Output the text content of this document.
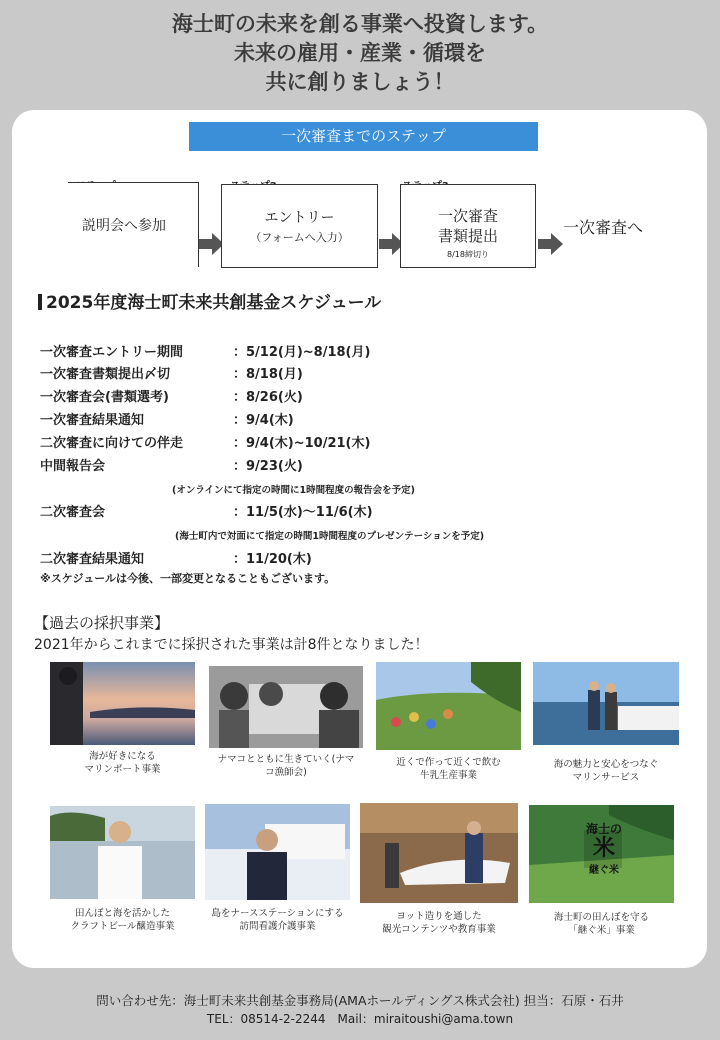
海士町の未来を創る事業へ投資します。
未来の雇用・産業・循環を
共に創りましょう！
一次審査までのステップ
説明会へ参加	エントリー
（フォームへ入力）
一次審査
書類提出
8/18締切り
一次審査へ
2025年度海士町未来共創基金スケジュール
一次審査エントリー期間	：5/12(月)~8/18(月)
一次審査書類提出〆切	：8/18(月)
一次審査会(書類選考)	：8/26(火)
一次審査結果通知	：9/4(木)
二次審査に向けての伴走	：9/4(木)~10/21(木)
中間報告会	：9/23(火)
(オンラインにて指定の時間に1時間程度の報告会を予定)
二次審査会	：11/5(水)～11/6(木)
(海士町内で対面にて指定の時間1時間程度のプレゼンテーションを予定)
二次審査結果通知	：11/20(木)
※スケジュールは今後、一部変更となることもございます。
【過去の採択事業】
2021年からこれまでに採択された事業は計8件となりました！
海が好きになる
マリンボート事業
ナマコとともに生きていく(ナマ
コ漁師会)
近くで作って近くで飲む
牛乳生産事業
海の魅力と安心をつなぐ
マリンサービス
田んぼと海を活かした
クラフトビール醸造事業
島をナースステーションにする
訪問看護介護事業
ヨット造りを通した
観光コンテンツや教育事業
海士の
米
継ぐ米
海士町の田んぼを守る
「継ぐ米」事業
問い合わせ先：海士町未来共創基金事務局(AMAホールディングス株式会社) 担当：石原・石井
TEL：08514-2-2244　Mail：miraitoushi@ama.town
